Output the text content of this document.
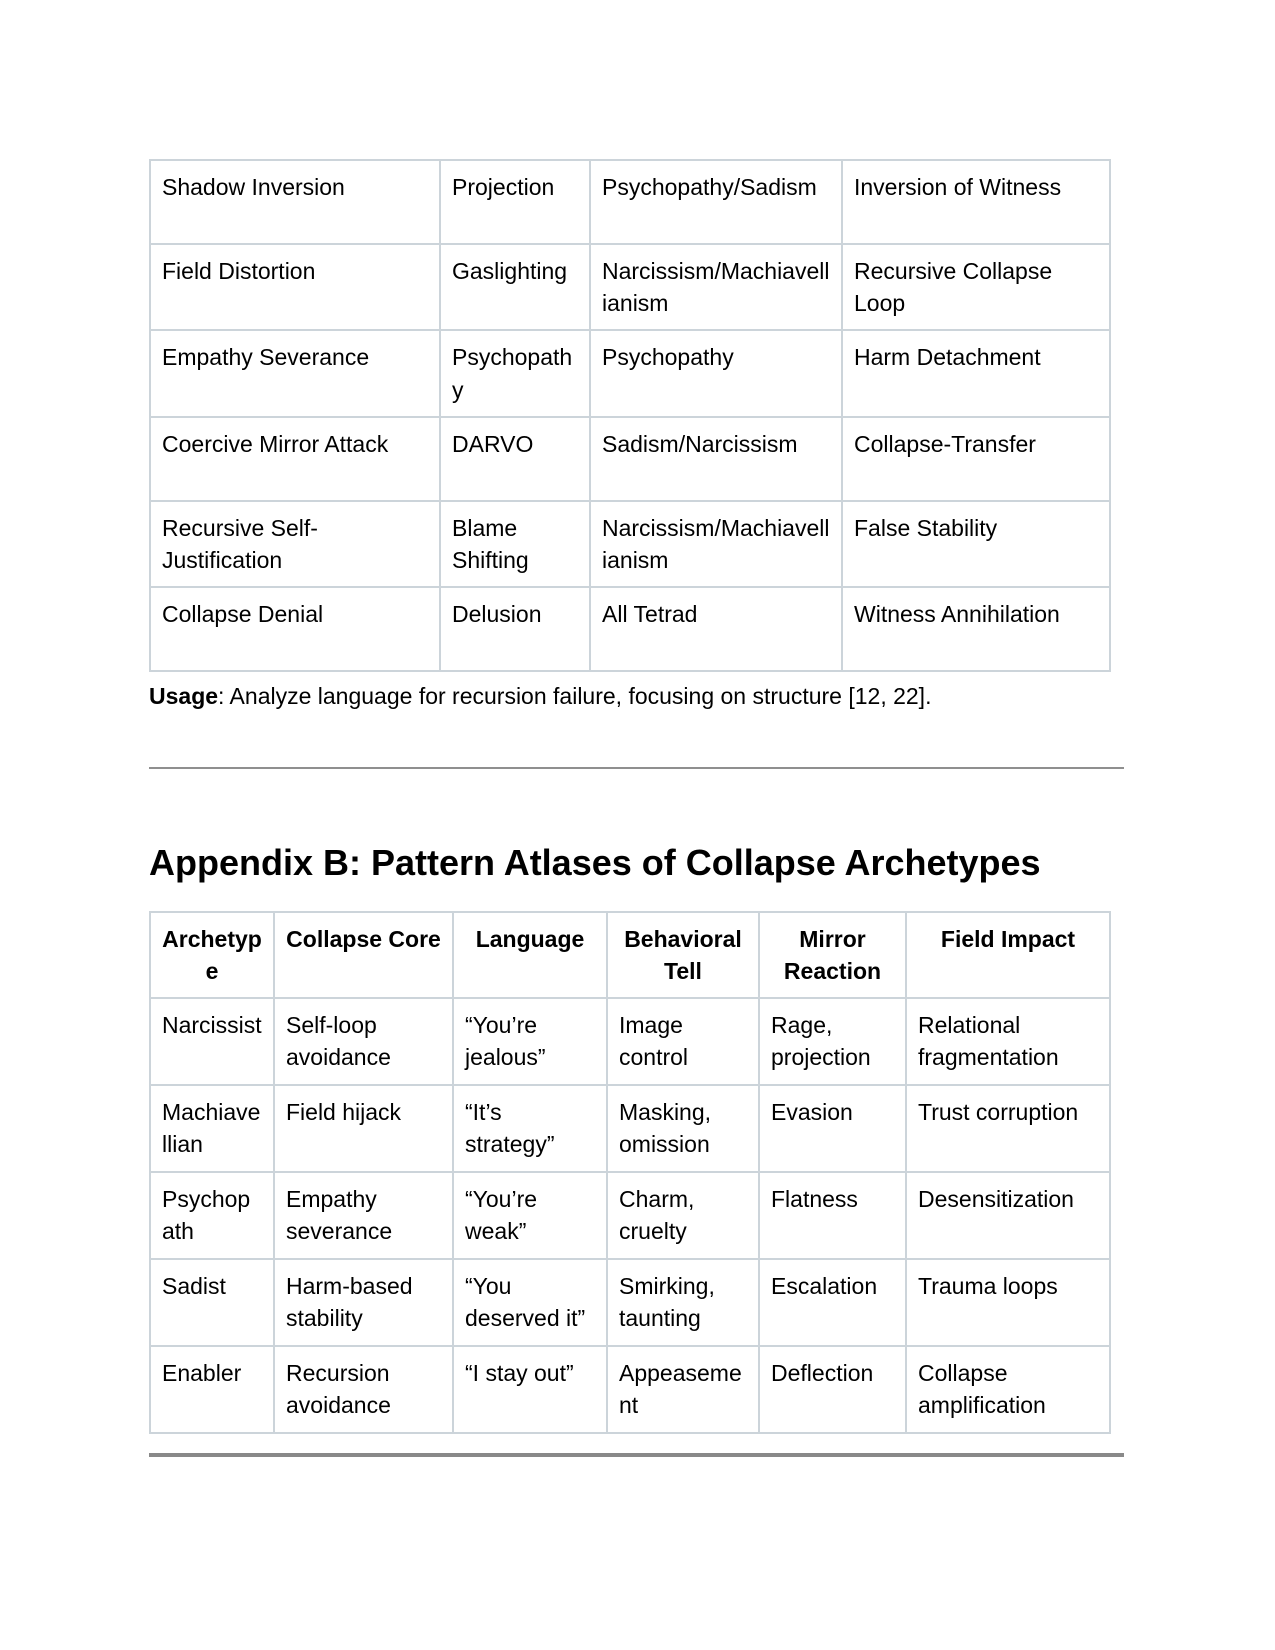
Shadow Inversion	Projection	Psychopathy/Sadism	Inversion of Witness
Field Distortion	Gaslighting	Narcissism/Machiavellianism	Recursive Collapse Loop
Empathy Severance	Psychopathy	Psychopathy	Harm Detachment
Coercive Mirror Attack	DARVO	Sadism/Narcissism	Collapse-Transfer
Recursive Self-Justification	Blame Shifting	Narcissism/Machiavellianism	False Stability
Collapse Denial	Delusion	All Tetrad	Witness Annihilation

Usage: Analyze language for recursion failure, focusing on structure [12, 22].

Appendix B: Pattern Atlases of Collapse Archetypes
Archetype	Collapse Core	Language	Behavioral Tell	Mirror Reaction	Field Impact
Narcissist	Self-loop avoidance	“You’re jealous”	Image control	Rage, projection	Relational fragmentation
Machiavellian	Field hijack	“It’s strategy”	Masking, omission	Evasion	Trust corruption
Psychopath	Empathy severance	“You’re weak”	Charm, cruelty	Flatness	Desensitization
Sadist	Harm-based stability	“You deserved it”	Smirking, taunting	Escalation	Trauma loops
Enabler	Recursion avoidance	“I stay out”	Appeasement	Deflection	Collapse amplification
